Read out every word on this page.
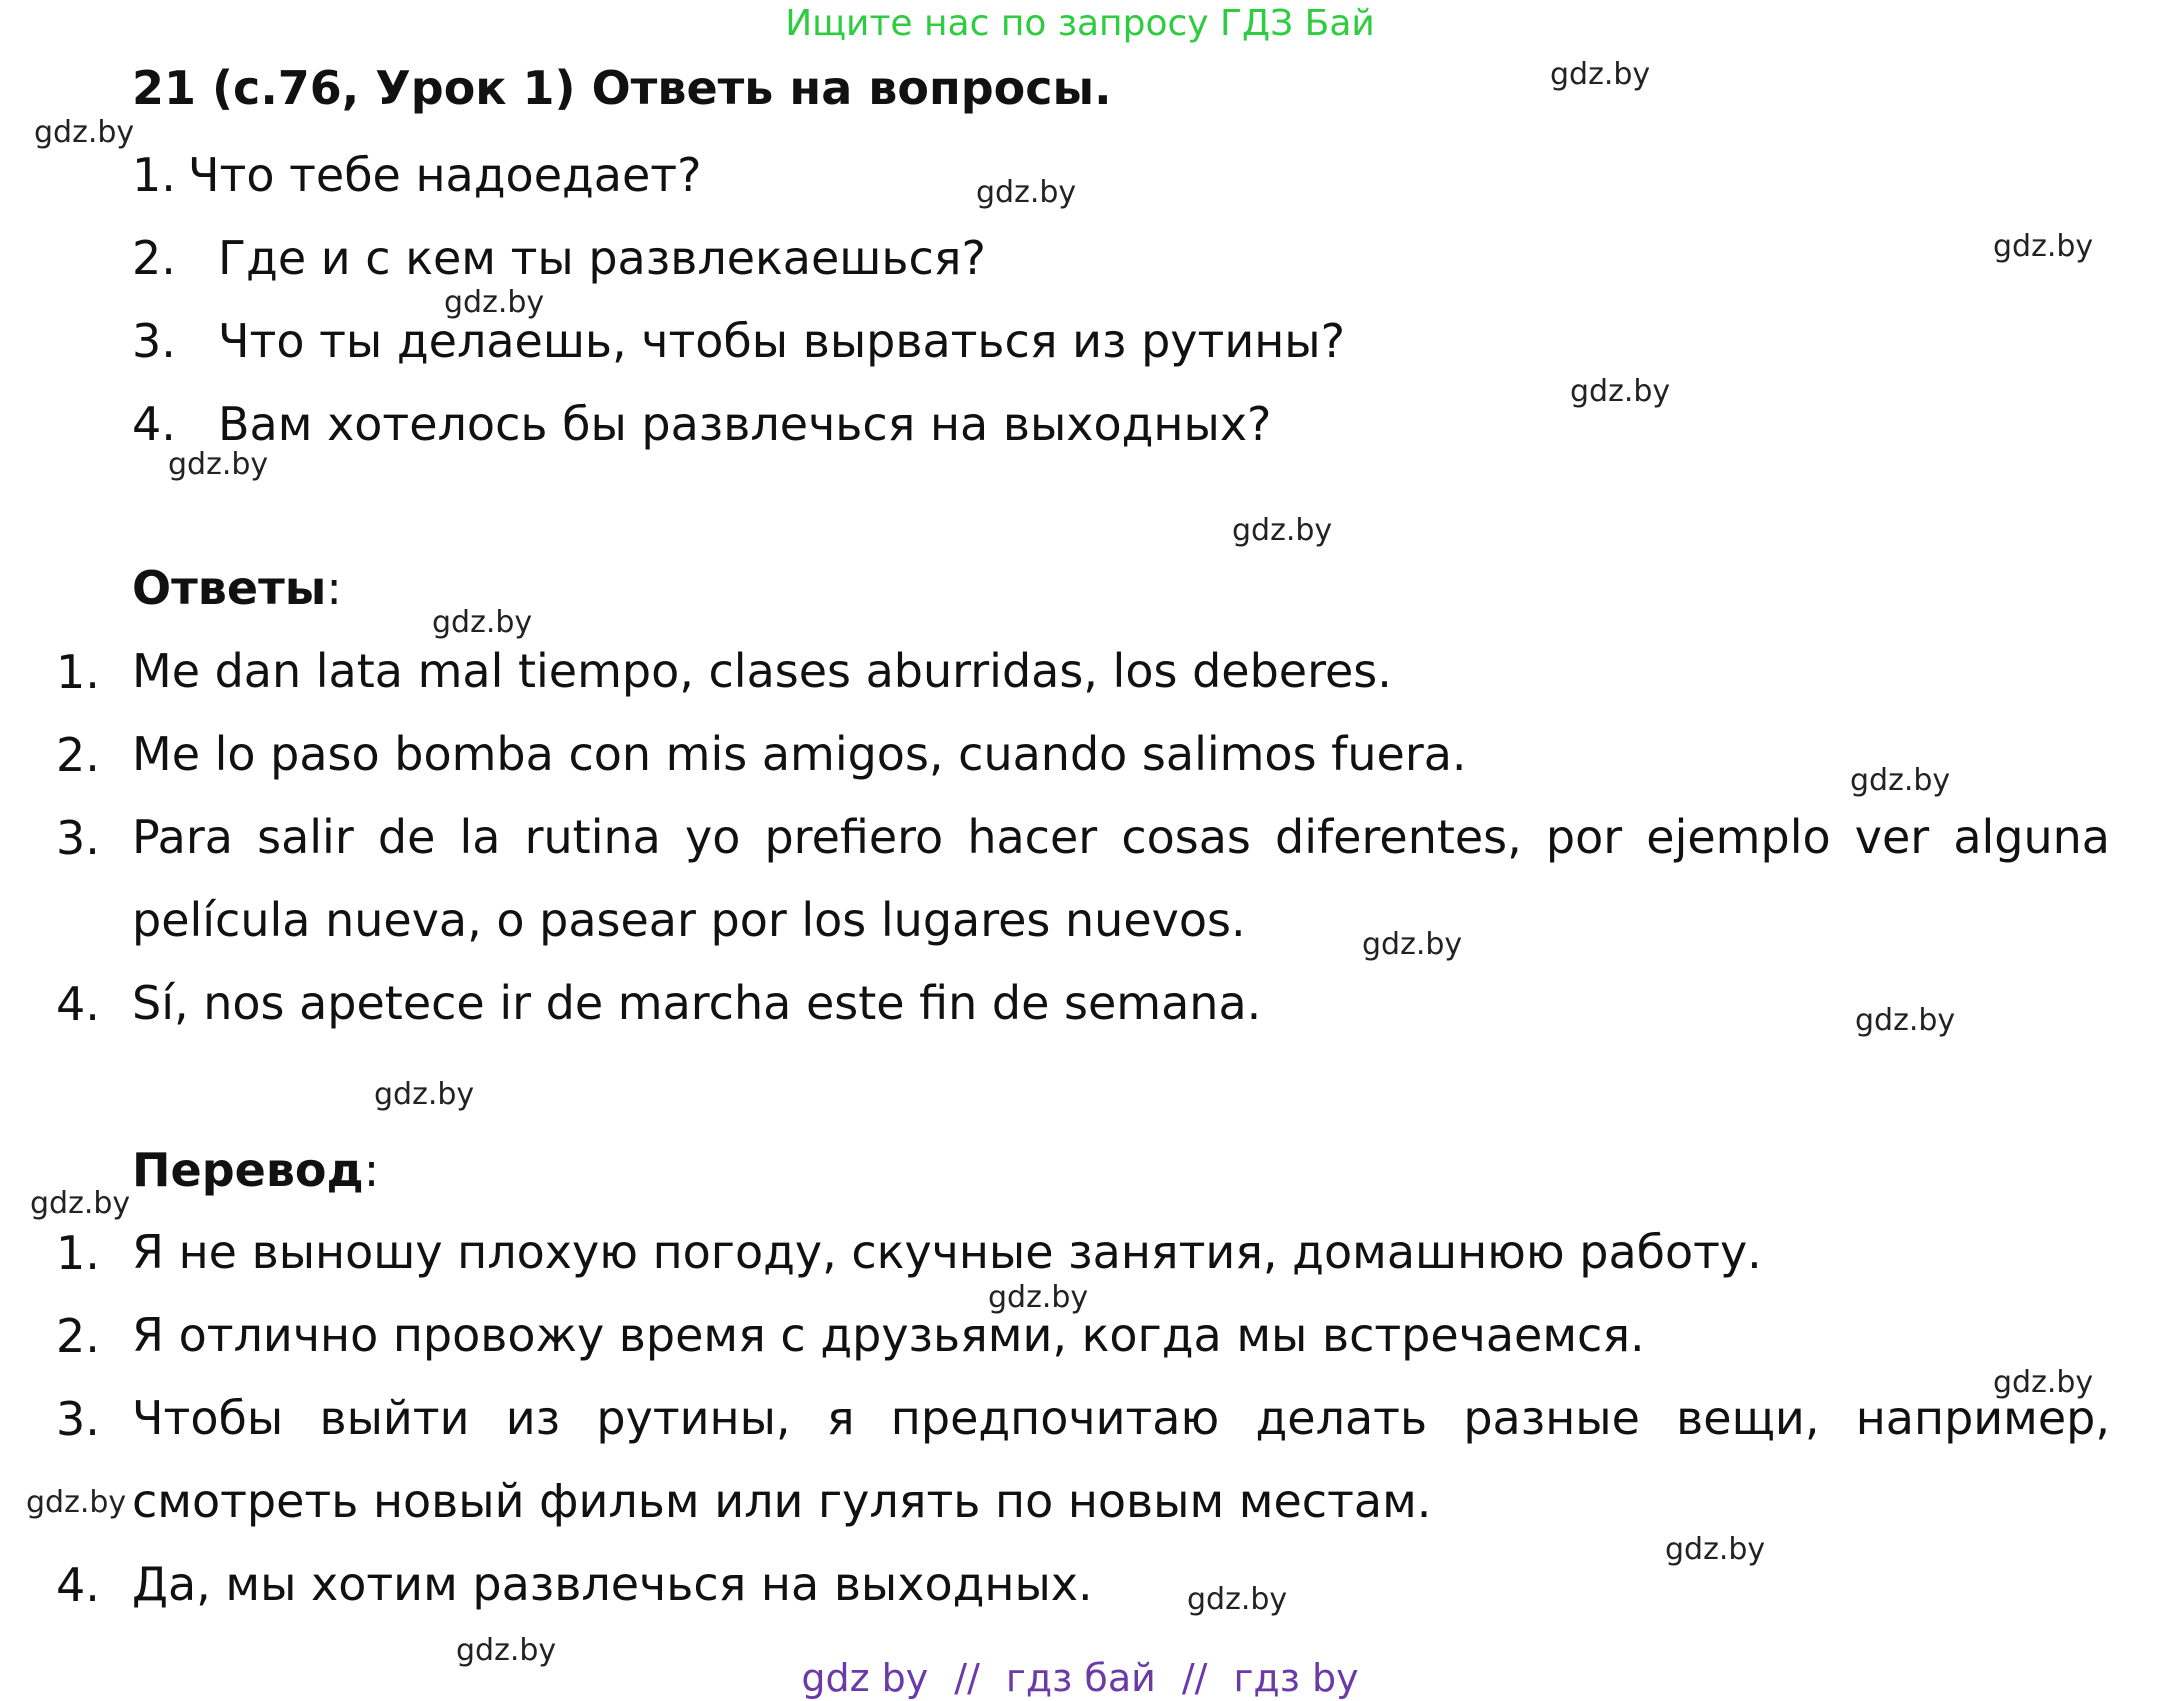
Ищите нас по запросу ГДЗ Бай
21 (с.76, Урок 1) Ответь на вопросы.
1. Что тебе надоедает?
2. Где и с кем ты развлекаешься?
3. Что ты делаешь, чтобы вырваться из рутины?
4. Вам хотелось бы развлечься на выходных?
Ответы:
1. Me dan lata mal tiempo, clases aburridas, los deberes.
2. Me lo paso bomba con mis amigos, cuando salimos fuera.
3. Para salir de la rutina yo prefiero hacer cosas diferentes, por ejemplo ver alguna película nueva, o pasear por los lugares nuevos.
4. Sí, nos apetece ir de marcha este fin de semana.
Перевод:
1. Я не выношу плохую погоду, скучные занятия, домашнюю работу.
2. Я отлично провожу время с друзьями, когда мы встречаемся.
3. Чтобы выйти из рутины, я предпочитаю делать разные вещи, например, смотреть новый фильм или гулять по новым местам.
4. Да, мы хотим развлечься на выходных.
gdz.by
gdz.by
gdz.by
gdz.by
gdz.by
gdz.by
gdz.by
gdz.by
gdz.by
gdz.by
gdz.by
gdz.by
gdz.by
gdz.by
gdz.by
gdz.by
gdz.by
gdz.by
gdz.by
gdz.by
gdz by // гдз бай // гдз by
